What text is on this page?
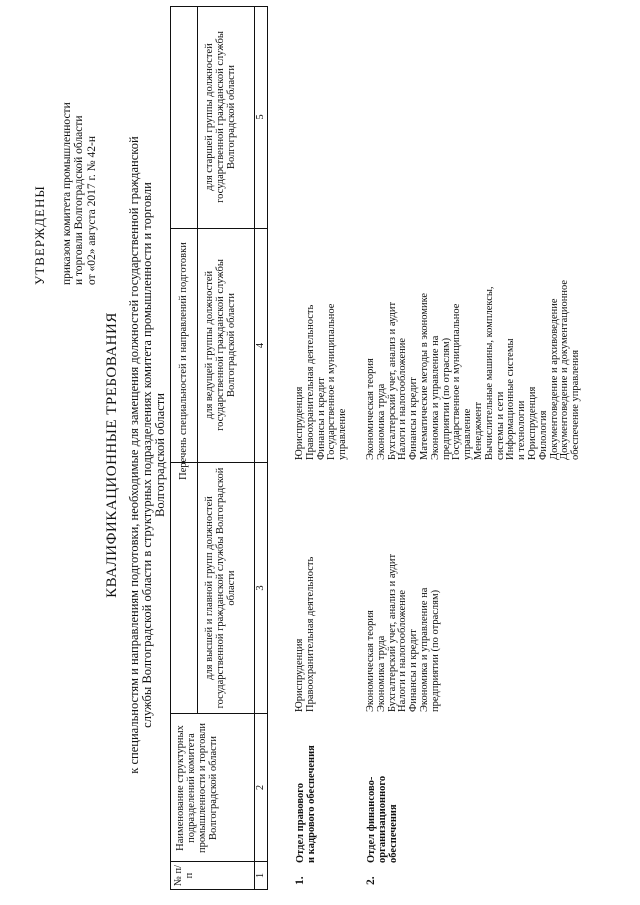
УТВЕРЖДЕНЫ приказом комитета промышленности и торговли Волгоградской области от «02» августа 2017 г. № 42-н
КВАЛИФИКАЦИОННЫЕ ТРЕБОВАНИЯ к специальностям и направлениям подготовки, необходимые для замещения должностей государственной гражданской службы Волгоградской области в структурных подразделениях комитета промышленности и торговли Волгоградской области
№ п/п
Наименование структурных подразделений комитета промышленности и торговли Волгоградской области
Перечень специальностей и направлений подготовки
для высшей и главной групп должностей государственной гражданской службы Волгоградской области
для ведущей группы должностей государственной гражданской службы Волгоградской области
для старшей группы должностей государственной гражданской службы Волгоградской области
1
2
3
4
5
1.
Отдел правового и кадрового обеспечения
Юриспруденция Правоохранительная деятельность
Юриспруденция Правоохранительная деятельность Финансы и кредит Государственное и муниципальное управление
2.
Отдел финансово- организационного обеспечения
Экономическая теория Экономика труда Бухгалтерский учет, анализ и аудит Налоги и налогообложение Финансы и кредит Экономика и управление на предприятии (по отраслям)
Экономическая теория Экономика труда Бухгалтерский учет, анализ и аудит Налоги и налогообложение Финансы и кредит Математические методы в экономике Экономика и управление на предприятии (по отраслям) Государственное и муниципальное управление Менеджмент Вычислительные машины, комплексы, системы и сети Информационные системы и технологии Юриспруденция Филология Документоведение и архивоведение Документоведение и документационное обеспечение управления
